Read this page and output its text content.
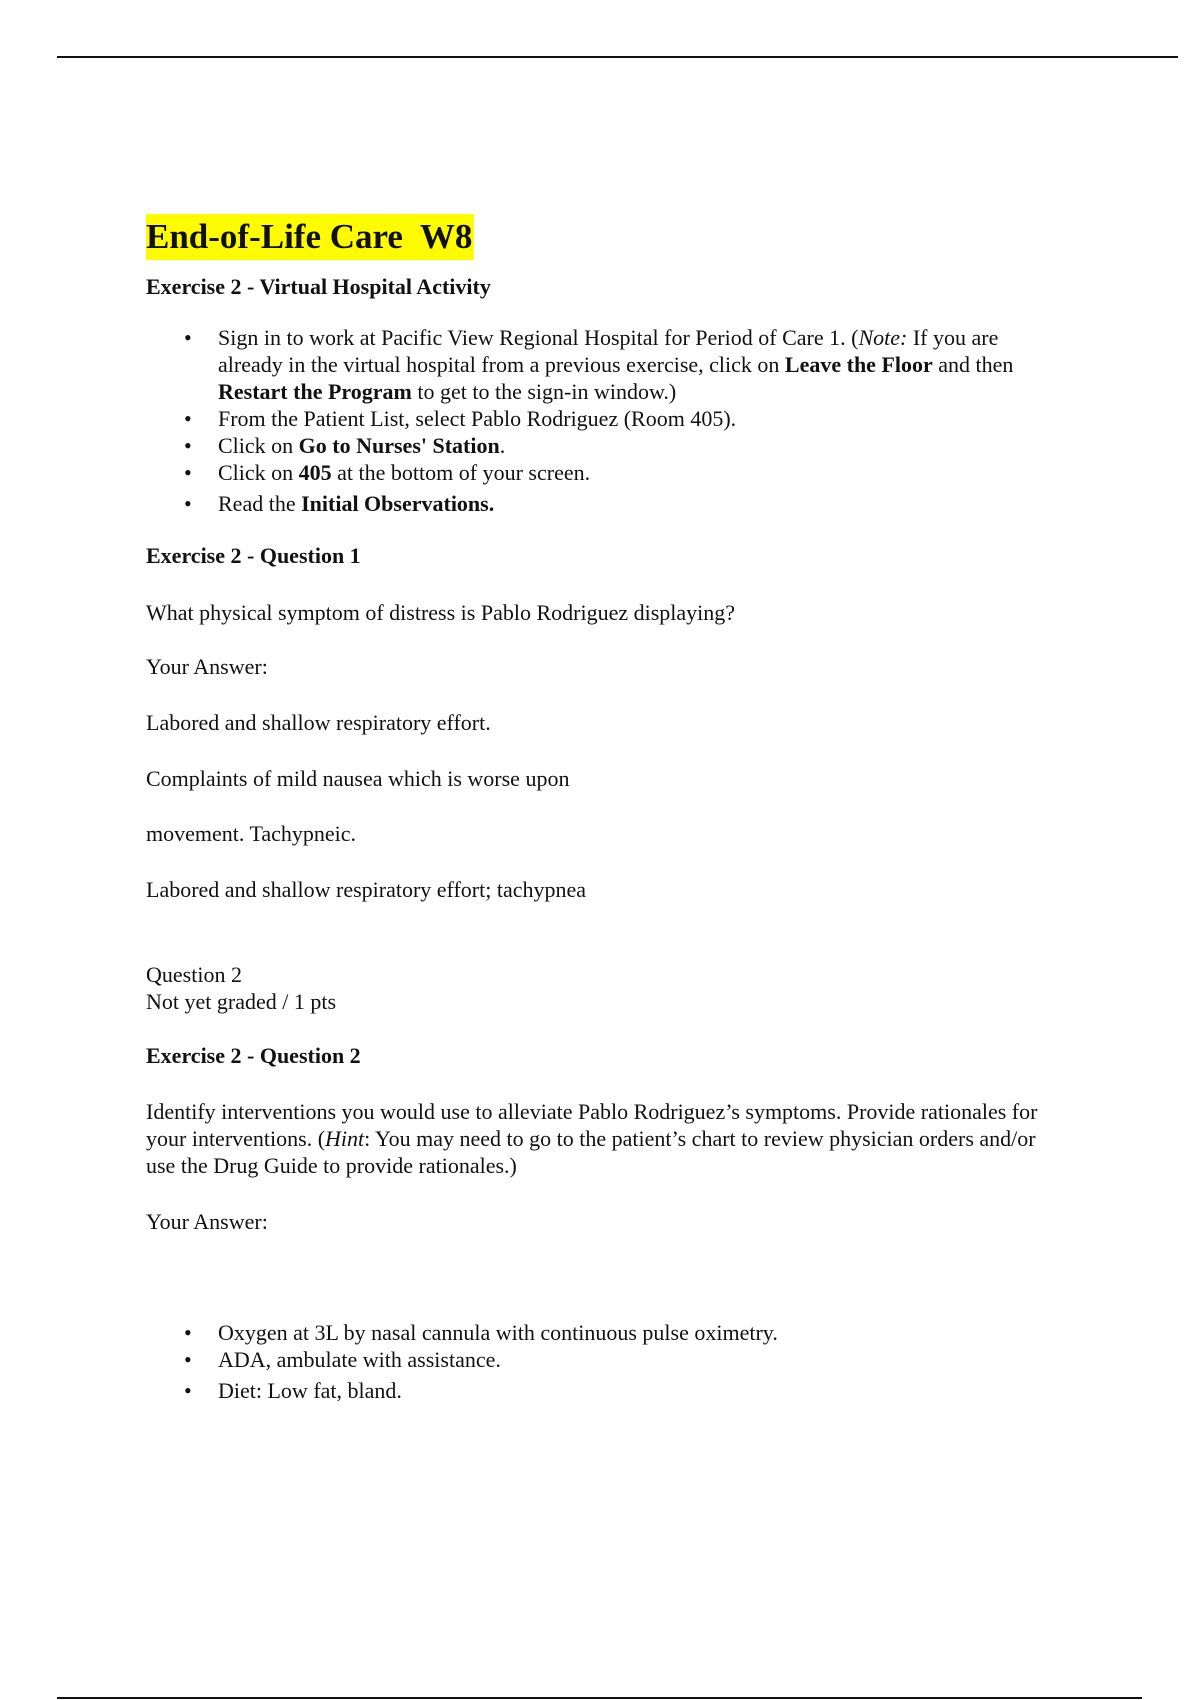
End-of-Life Care  W8

Exercise 2 - Virtual Hospital Activity

• Sign in to work at Pacific View Regional Hospital for Period of Care 1. (Note: If you are already in the virtual hospital from a previous exercise, click on Leave the Floor and then Restart the Program to get to the sign-in window.)
• From the Patient List, select Pablo Rodriguez (Room 405).
• Click on Go to Nurses' Station.
• Click on 405 at the bottom of your screen.
• Read the Initial Observations.

Exercise 2 - Question 1

What physical symptom of distress is Pablo Rodriguez displaying?

Your Answer:

Labored and shallow respiratory effort.

Complaints of mild nausea which is worse upon

movement. Tachypneic.

Labored and shallow respiratory effort; tachypnea

Question 2

Not yet graded / 1 pts

Exercise 2 - Question 2

Identify interventions you would use to alleviate Pablo Rodriguez’s symptoms. Provide rationales for your interventions. (Hint: You may need to go to the patient’s chart to review physician orders and/or use the Drug Guide to provide rationales.)

Your Answer:

• Oxygen at 3L by nasal cannula with continuous pulse oximetry.
• ADA, ambulate with assistance.
• Diet: Low fat, bland.
